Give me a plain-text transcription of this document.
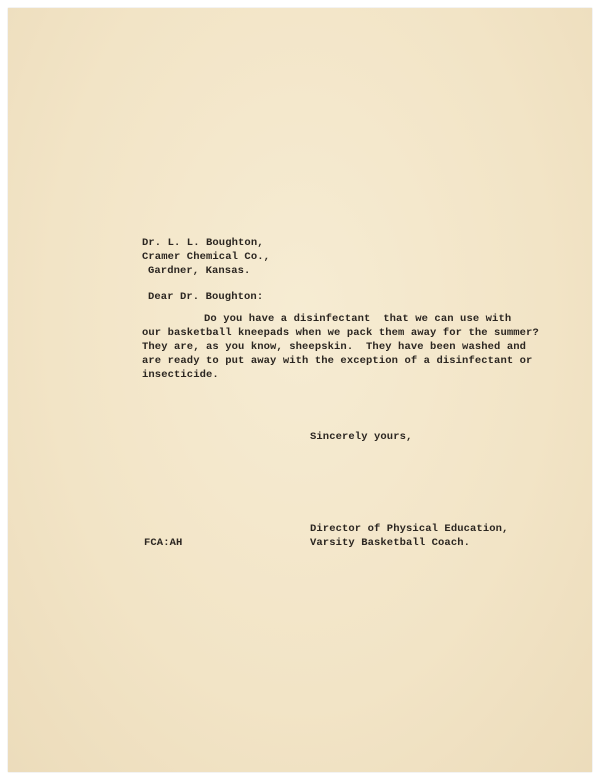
Dr. L. L. Boughton,
Cramer Chemical Co.,
Gardner, Kansas.
Dear Dr. Boughton:
Do you have a disinfectant  that we can use with
our basketball kneepads when we pack them away for the summer?
They are, as you know, sheepskin.  They have been washed and
are ready to put away with the exception of a disinfectant or
insecticide.
Sincerely yours,
Director of Physical Education,
FCA:AH	Varsity Basketball Coach.
